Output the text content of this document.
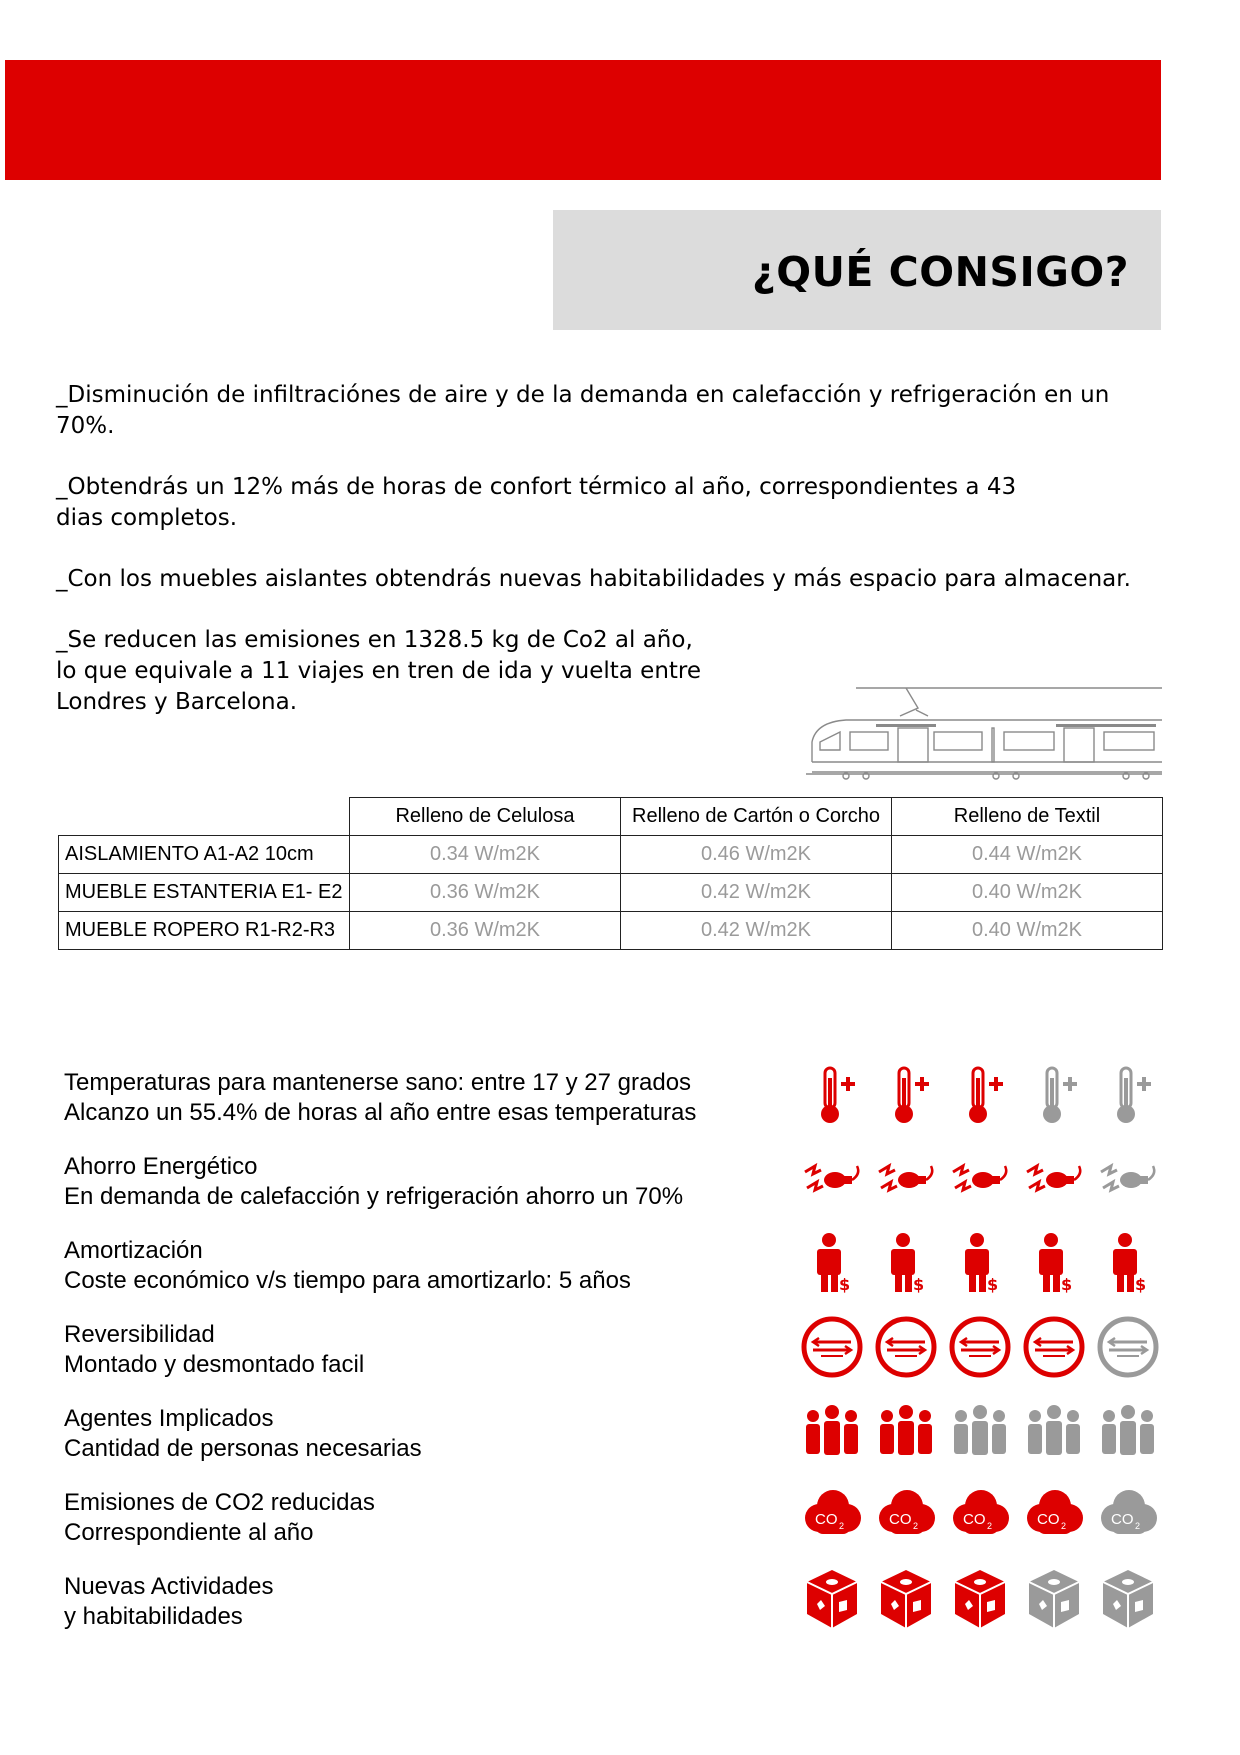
¿QUÉ CONSIGO?

_Disminución de infiltraciónes de aire y de la demanda en calefacción y refrigeración en un 70%.

_Obtendrás un 12% más de horas de confort térmico al año, correspondientes a 43 dias completos.

_Con los muebles aislantes obtendrás nuevas habitabilidades y más espacio para almacenar.

_Se reducen las emisiones en 1328.5 kg de Co2 al año, lo que equivale a 11 viajes en tren de ida y vuelta entre Londres y Barcelona.

	Relleno de Celulosa	Relleno de Cartón o Corcho	Relleno de Textil
AISLAMIENTO A1-A2 10cm	0.34 W/m2K	0.46 W/m2K	0.44 W/m2K
MUEBLE ESTANTERIA E1- E2	0.36 W/m2K	0.42 W/m2K	0.40 W/m2K
MUEBLE ROPERO R1-R2-R3	0.36 W/m2K	0.42 W/m2K	0.40 W/m2K
Temperaturas para mantenerse sano: entre 17 y 27 grados
Alcanzo un 55.4% de horas al año entre esas temperaturas
Ahorro Energético
En demanda de calefacción y refrigeración ahorro un 70%
Amortización
Coste económico v/s tiempo para amortizarlo: 5 años	$	$	$	$	$
Reversibilidad
Montado y desmontado facil
Agentes Implicados
Cantidad de personas necesarias
Emisiones de CO2 reducidas
Correspondiente al año	CO 2	CO 2	CO 2	CO 2	CO 2
Nuevas Actividades
y habitabilidades
